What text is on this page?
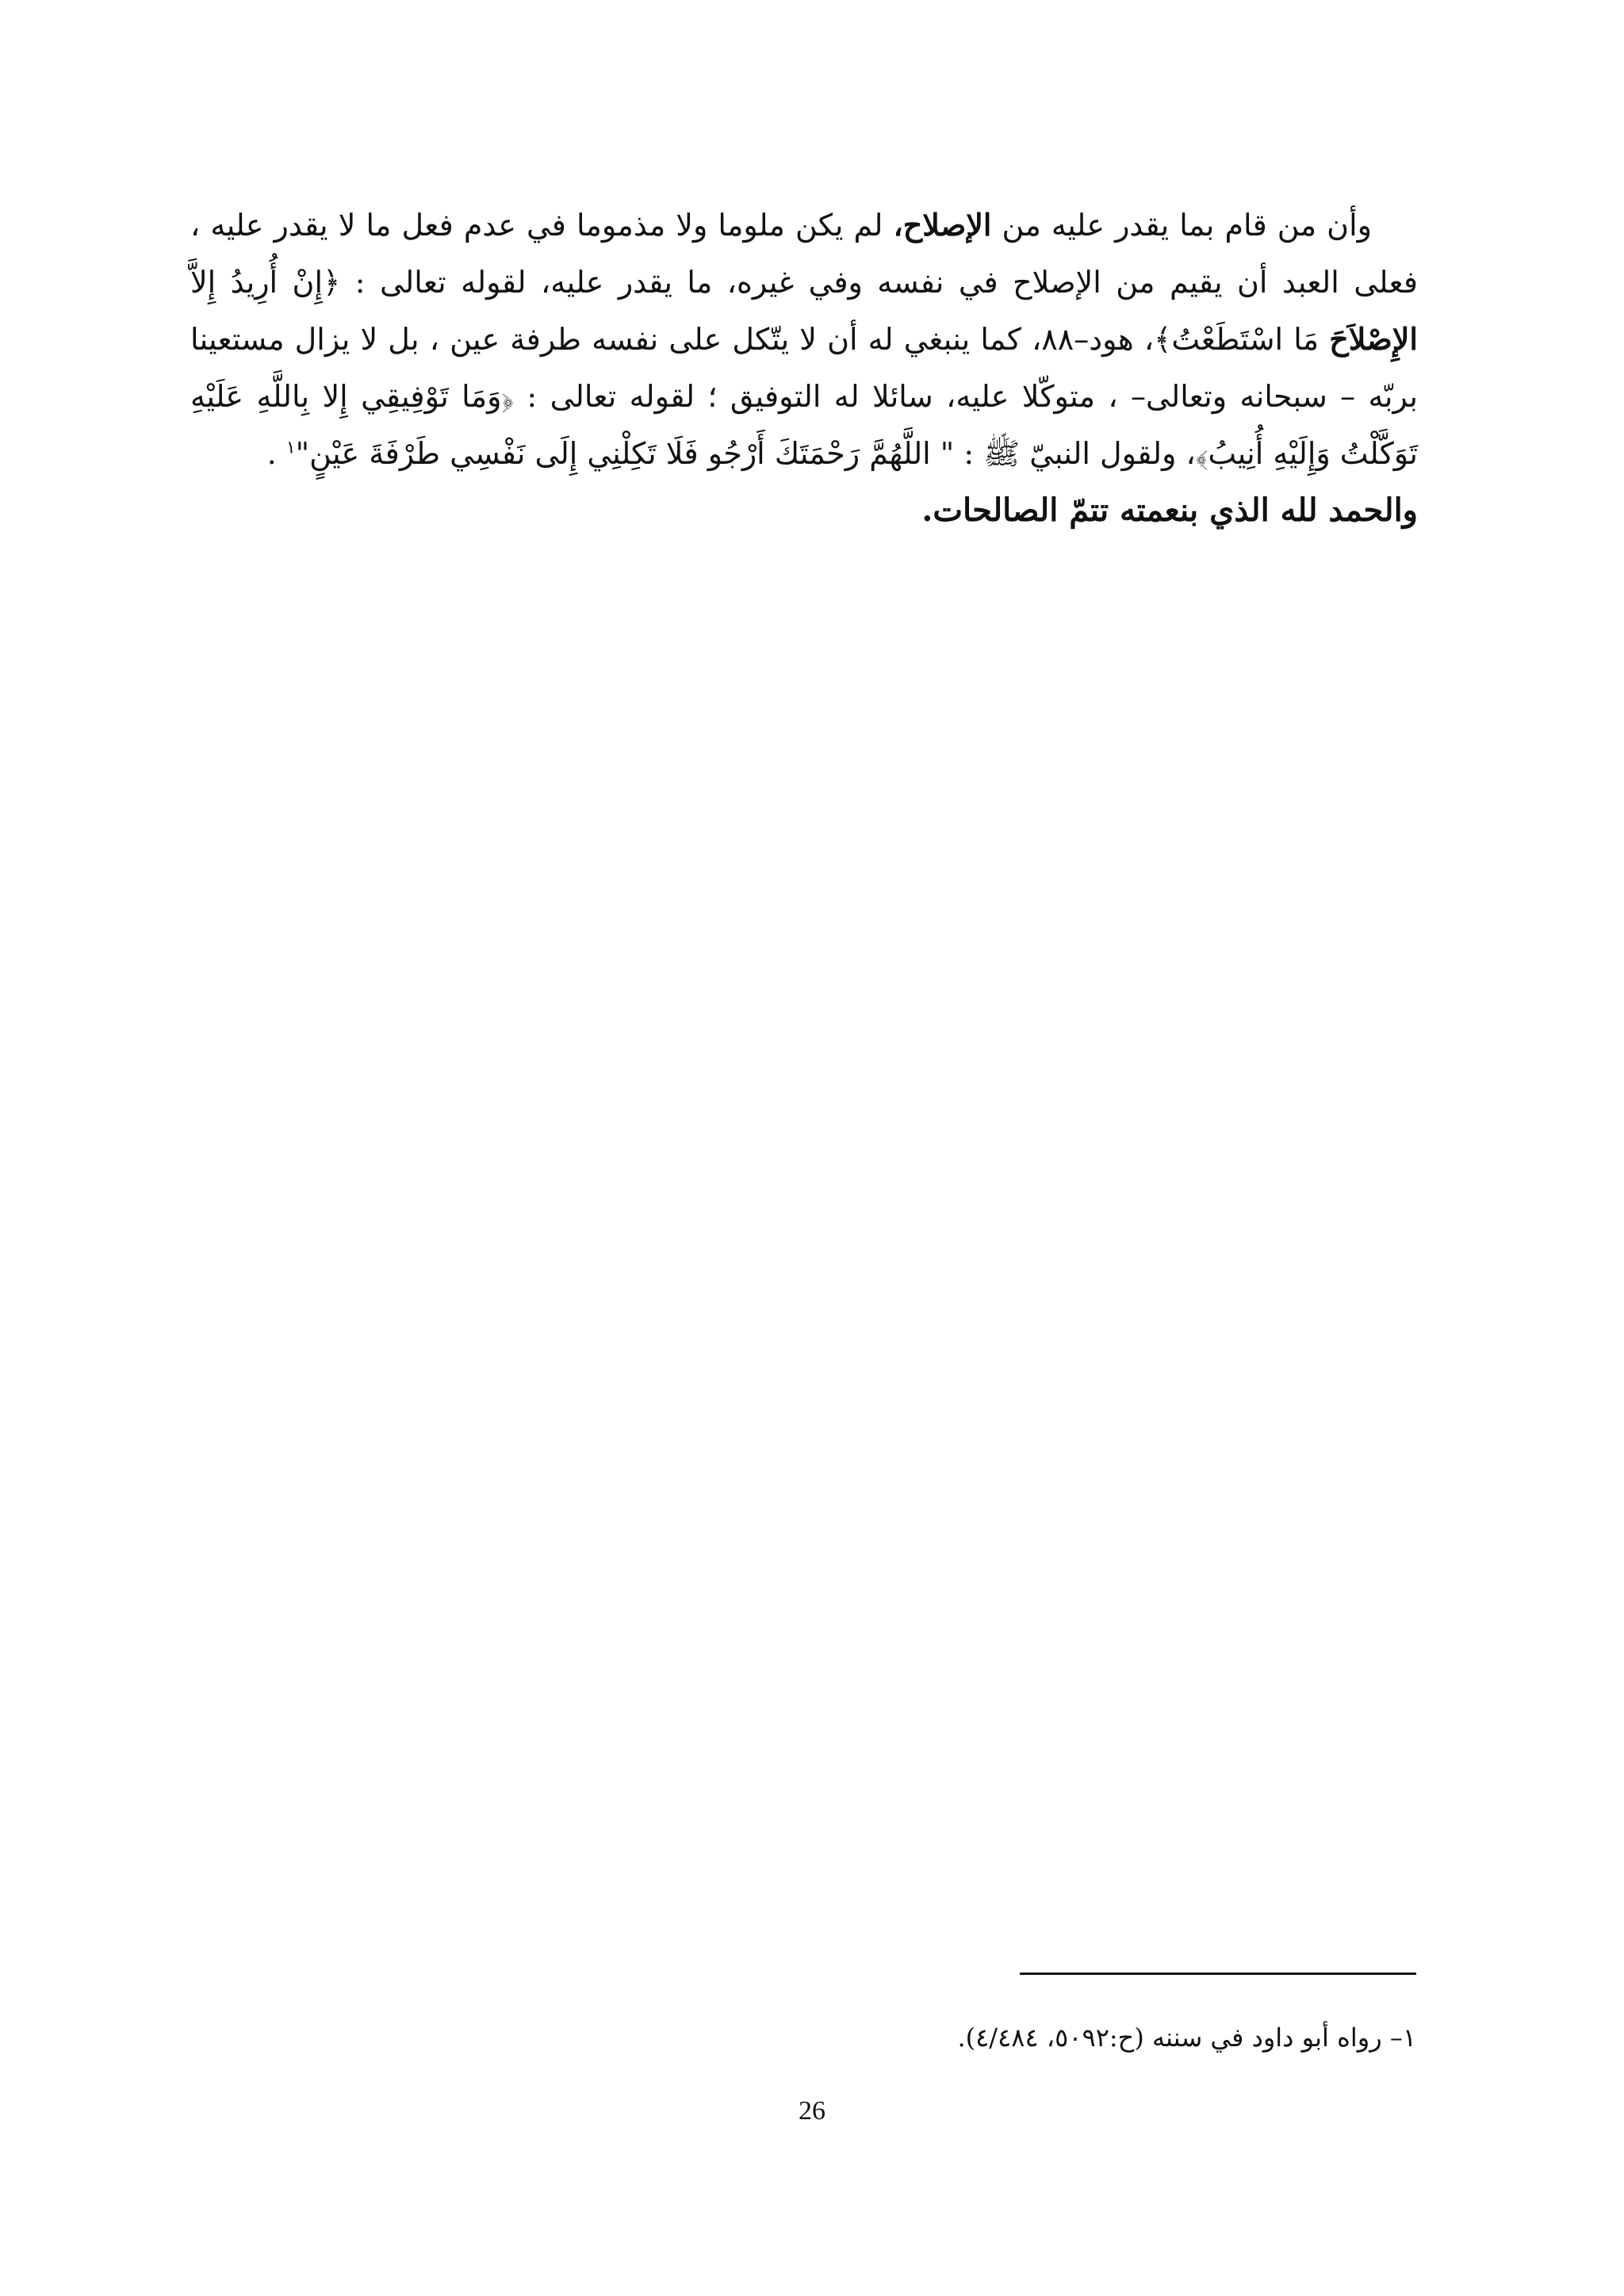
وأن من قام بما يقدر عليه من الإصلاح، لم يكن ملوما ولا مذموما في عدم فعل ما لا يقدر عليه ، فعلى العبد أن يقيم من الإصلاح في نفسه وفي غيره، ما يقدر عليه، لقوله تعالى : ﴿إِنْ أُرِيدُ إِلاَّ الإِصْلاَحَ مَا اسْتَطَعْتُ﴾، هود–٨٨، كما ينبغي له أن لا يتّكل على نفسه طرفة عين ، بل لا يزال مستعينا بربّه – سبحانه وتعالى– ، متوكّلا عليه، سائلا له التوفيق ؛ لقوله تعالى : ﴿وَمَا تَوْفِيقِي إِلا بِاللَّهِ عَلَيْهِ تَوَكَّلْتُ وَإِلَيْهِ أُنِيبُ﴾، ولقول النبيّ ﷺ : " اللَّهُمَّ رَحْمَتَكَ أَرْجُو فَلَا تَكِلْنِي إِلَى نَفْسِي طَرْفَةَ عَيْنٍ"$^١$ .

والحمد لله الذي بنعمته تتمّ الصالحات.

١– رواه أبو داود في سننه (ح:٥٠٩٢، ٤/٤٨٤).
26
